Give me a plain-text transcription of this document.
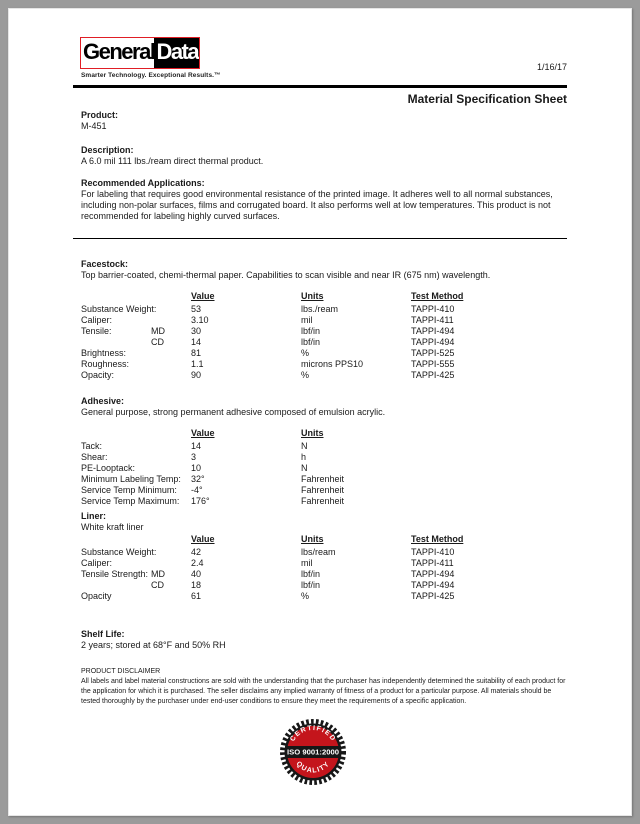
General Data
Smarter Technology. Exceptional Results.™
1/16/17
Material Specification Sheet
Product:
M-451
Description:
A 6.0 mil 111 lbs./ream direct thermal product.
Recommended Applications:
For labeling that requires good environmental resistance of the printed image. It adheres well to all normal substances, including non-polar surfaces, films and corrugated board. It also performs well at low temperatures. This product is not recommended for labeling highly curved surfaces.
Facestock:
Top barrier-coated, chemi-thermal paper. Capabilities to scan visible and near IR (675 nm) wavelength.
Value	Units	Test Method
Substance Weight:	53	lbs./ream	TAPPI-410
Caliper:	3.10	mil	TAPPI-411
Tensile:	MD	30	lbf/in	TAPPI-494
CD	14	lbf/in	TAPPI-494
Brightness:	81	%	TAPPI-525
Roughness:	1.1	microns PPS10	TAPPI-555
Opacity:	90	%	TAPPI-425
Adhesive:
General purpose, strong permanent adhesive composed of emulsion acrylic.
Value	Units
Tack:	14	N
Shear:	3	h
PE-Looptack:	10	N
Minimum Labeling Temp: 32°	Fahrenheit
Service Temp Minimum: -4°	Fahrenheit
Service Temp Maximum: 176°	Fahrenheit
Liner:
White kraft liner
Value	Units	Test Method
Substance Weight:	42	lbs/ream	TAPPI-410
Caliper:	2.4	mil	TAPPI-411
Tensile Strength: MD	40	lbf/in	TAPPI-494
CD	18	lbf/in	TAPPI-494
Opacity	61	%	TAPPI-425
Shelf Life:
2 years; stored at 68°F and 50% RH
PRODUCT DISCLAIMER
All labels and label material constructions are sold with the understanding that the purchaser has independently determined the suitability of each product for the application for which it is purchased. The seller disclaims any implied warranty of fitness of a product for a particular purpose. All materials should be tested thoroughly by the purchaser under end-user conditions to ensure they meet the requirements of a specific application.
CERTIFIED
QUALITY
ISO 9001:2000
